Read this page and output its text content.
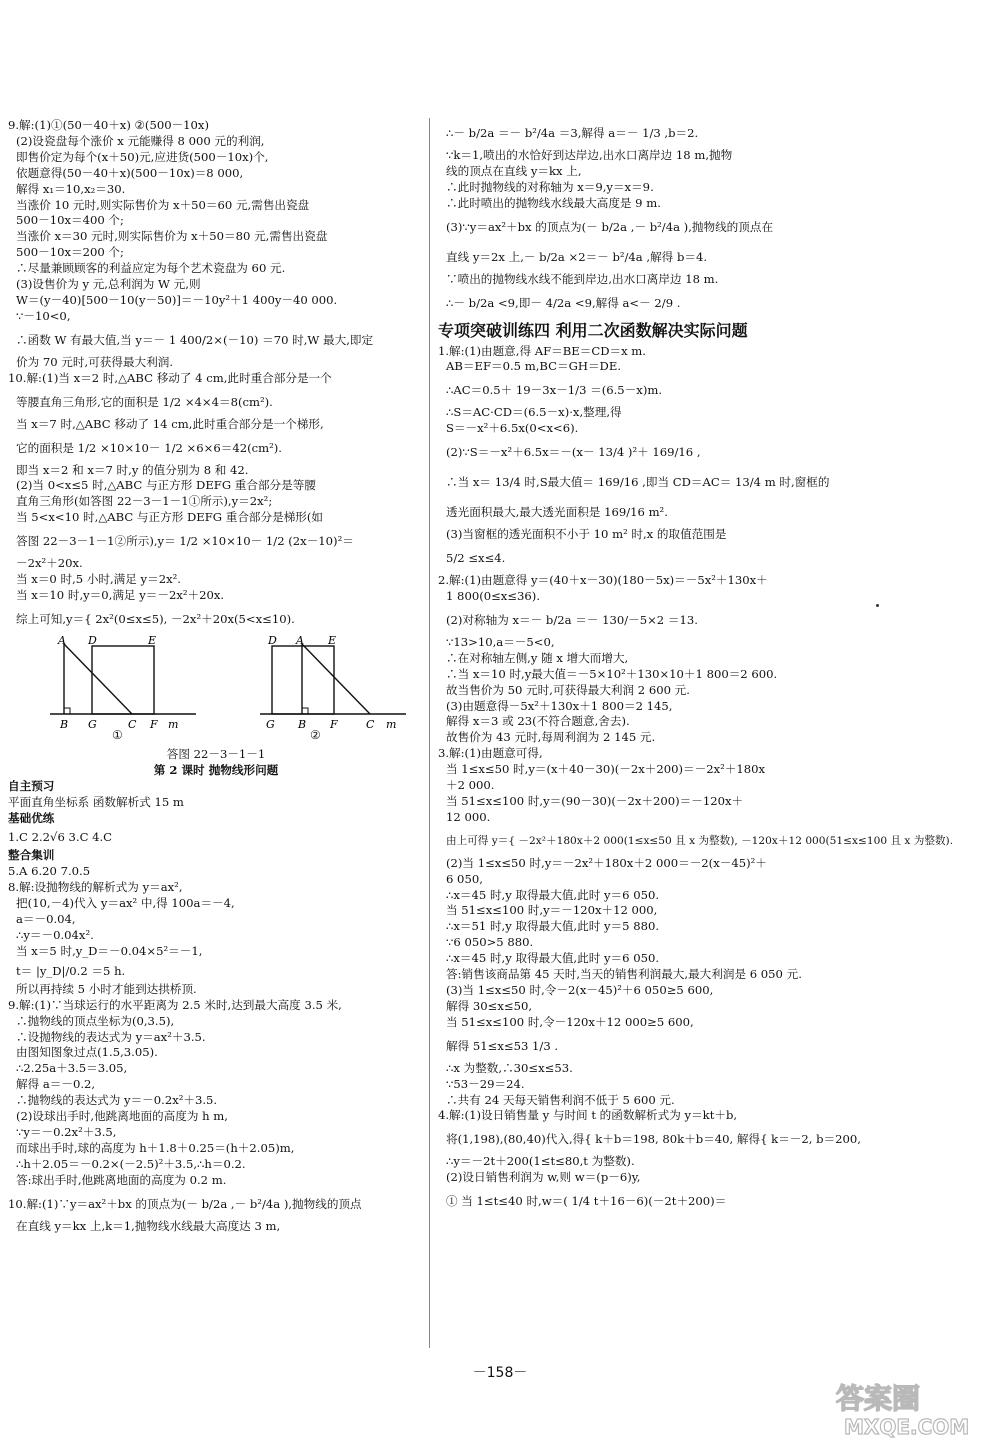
9.解:(1)①(50－40＋x) ②(500－10x)
(2)设瓷盘每个涨价 x 元能赚得 8 000 元的利润,
即售价定为每个(x＋50)元,应进货(500－10x)个,
依题意得(50－40＋x)(500－10x)＝8 000,
解得 x₁＝10,x₂＝30.
当涨价 10 元时,则实际售价为 x＋50＝60 元,需售出瓷盘
500－10x＝400 个;
当涨价 x＝30 元时,则实际售价为 x＋50＝80 元,需售出瓷盘
500－10x＝200 个;
∴尽量兼顾顾客的利益应定为每个艺术瓷盘为 60 元.
(3)设售价为 y 元,总利润为 W 元,则
W＝(y－40)[500－10(y－50)]＝－10y²＋1 400y－40 000.
∵－10<0,
∴函数 W 有最大值,当 y＝－ 1 400/2×(－10) ＝70 时,W 最大,即定
价为 70 元时,可获得最大利润.
10.解:(1)当 x＝2 时,△ABC 移动了 4 cm,此时重合部分是一个
等腰直角三角形,它的面积是 1/2 ×4×4＝8(cm²).
当 x＝7 时,△ABC 移动了 14 cm,此时重合部分是一个梯形,
它的面积是 1/2 ×10×10－ 1/2 ×6×6＝42(cm²).
即当 x＝2 和 x＝7 时,y 的值分别为 8 和 42.
(2)当 0<x≤5 时,△ABC 与正方形 DEFG 重合部分是等腰
直角三角形(如答图 22－3－1－1①所示),y＝2x²;
当 5<x<10 时,△ABC 与正方形 DEFG 重合部分是梯形(如
答图 22－3－1－1②所示),y＝ 1/2 ×10×10－ 1/2 (2x－10)²＝
－2x²＋20x.
当 x＝0 时,5 小时,满足 y＝2x².
当 x＝10 时,y＝0,满足 y＝－2x²＋20x.
综上可知,y＝{ 2x²(0≤x≤5), －2x²＋20x(5<x≤10).
A D	E
B G	C F m
D A E
G B F	C m
①	②
答图 22－3－1－1
第 2 课时 抛物线形问题
自主预习
平面直角坐标系 函数解析式 15 m
基础优练
1.C 2.2√6 3.C 4.C
整合集训
5.A 6.20 7.0.5
8.解:设抛物线的解析式为 y＝ax²,
把(10,－4)代入 y＝ax² 中,得 100a＝－4,
a＝－0.04,
∴y＝－0.04x².
当 x＝5 时,y_D＝－0.04×5²＝－1,
t＝ |y_D|/0.2 ＝5 h.
所以再持续 5 小时才能到达拱桥顶.
9.解:(1)∵当球运行的水平距离为 2.5 米时,达到最大高度 3.5 米,
∴抛物线的顶点坐标为(0,3.5),
∴设抛物线的表达式为 y＝ax²＋3.5.
由图知图象过点(1.5,3.05).
∴2.25a＋3.5＝3.05,
解得 a＝－0.2,
∴抛物线的表达式为 y＝－0.2x²＋3.5.
(2)设球出手时,他跳离地面的高度为 h m,
∵y＝－0.2x²＋3.5,
而球出手时,球的高度为 h＋1.8＋0.25＝(h＋2.05)m,
∴h＋2.05＝－0.2×(－2.5)²＋3.5,∴h＝0.2.
答:球出手时,他跳离地面的高度为 0.2 m.
10.解:(1)∵y＝ax²＋bx 的顶点为(－ b/2a ,－ b²/4a ),抛物线的顶点
在直线 y＝kx 上,k＝1,抛物线水线最大高度达 3 m,
∴－ b/2a ＝－ b²/4a ＝3,解得 a＝－ 1/3 ,b＝2.
∵k＝1,喷出的水恰好到达岸边,出水口离岸边 18 m,抛物
线的顶点在直线 y＝kx 上,
∴此时抛物线的对称轴为 x＝9,y＝x＝9.
∴此时喷出的抛物线水线最大高度是 9 m.
(3)∵y＝ax²＋bx 的顶点为(－ b/2a ,－ b²/4a ),抛物线的顶点在
直线 y＝2x 上,－ b/2a ×2＝－ b²/4a ,解得 b＝4.
∵喷出的抛物线水线不能到岸边,出水口离岸边 18 m.
∴－ b/2a <9,即－ 4/2a <9,解得 a<－ 2/9 .
专项突破训练四 利用二次函数解决实际问题
1.解:(1)由题意,得 AF＝BE＝CD＝x m.
AB＝EF＝0.5 m,BC＝GH＝DE.
∴AC＝0.5＋ 19－3x－1/3 ＝(6.5－x)m.
∴S＝AC·CD＝(6.5－x)·x,整理,得
S＝－x²＋6.5x(0<x<6).
(2)∵S＝－x²＋6.5x＝－(x－ 13/4 )²＋ 169/16 ,
∴当 x＝ 13/4 时,S最大值＝ 169/16 ,即当 CD＝AC＝ 13/4 m 时,窗框的
透光面积最大,最大透光面积是 169/16 m².
(3)当窗框的透光面积不小于 10 m² 时,x 的取值范围是
5/2 ≤x≤4.
2.解:(1)由题意得 y＝(40＋x－30)(180－5x)＝－5x²＋130x＋
1 800(0≤x≤36).
(2)对称轴为 x＝－ b/2a ＝－ 130/－5×2 ＝13.
∵13>10,a＝－5<0,
∴在对称轴左侧,y 随 x 增大而增大,
∴当 x＝10 时,y最大值＝－5×10²＋130×10＋1 800＝2 600.
故当售价为 50 元时,可获得最大利润 2 600 元.
(3)由题意得－5x²＋130x＋1 800＝2 145,
解得 x＝3 或 23(不符合题意,舍去).
故售价为 43 元时,每周利润为 2 145 元.
3.解:(1)由题意可得,
当 1≤x≤50 时,y＝(x＋40－30)(－2x＋200)＝－2x²＋180x
＋2 000.
当 51≤x≤100 时,y＝(90－30)(－2x＋200)＝－120x＋
12 000.
由上可得 y＝{ －2x²＋180x＋2 000(1≤x≤50 且 x 为整数), －120x＋12 000(51≤x≤100 且 x 为整数).
(2)当 1≤x≤50 时,y＝－2x²＋180x＋2 000＝－2(x－45)²＋
6 050,
∴x＝45 时,y 取得最大值,此时 y＝6 050.
当 51≤x≤100 时,y＝－120x＋12 000,
∴x＝51 时,y 取得最大值,此时 y＝5 880.
∵6 050>5 880.
∴x＝45 时,y 取得最大值,此时 y＝6 050.
答:销售该商品第 45 天时,当天的销售利润最大,最大利润是 6 050 元.
(3)当 1≤x≤50 时,令－2(x－45)²＋6 050≥5 600,
解得 30≤x≤50,
当 51≤x≤100 时,令－120x＋12 000≥5 600,
解得 51≤x≤53 1/3 .
∴x 为整数,∴30≤x≤53.
∵53－29＝24.
∴共有 24 天每天销售利润不低于 5 600 元.
4.解:(1)设日销售量 y 与时间 t 的函数解析式为 y＝kt＋b,
将(1,198),(80,40)代入,得{ k＋b＝198, 80k＋b＝40, 解得{ k＝－2, b＝200,
∴y＝－2t＋200(1≤t≤80,t 为整数).
(2)设日销售利润为 w,则 w＝(p－6)y,
① 当 1≤t≤40 时,w＝( 1/4 t＋16－6)(－2t＋200)＝
－158－
答案圈
MXQE.COM
